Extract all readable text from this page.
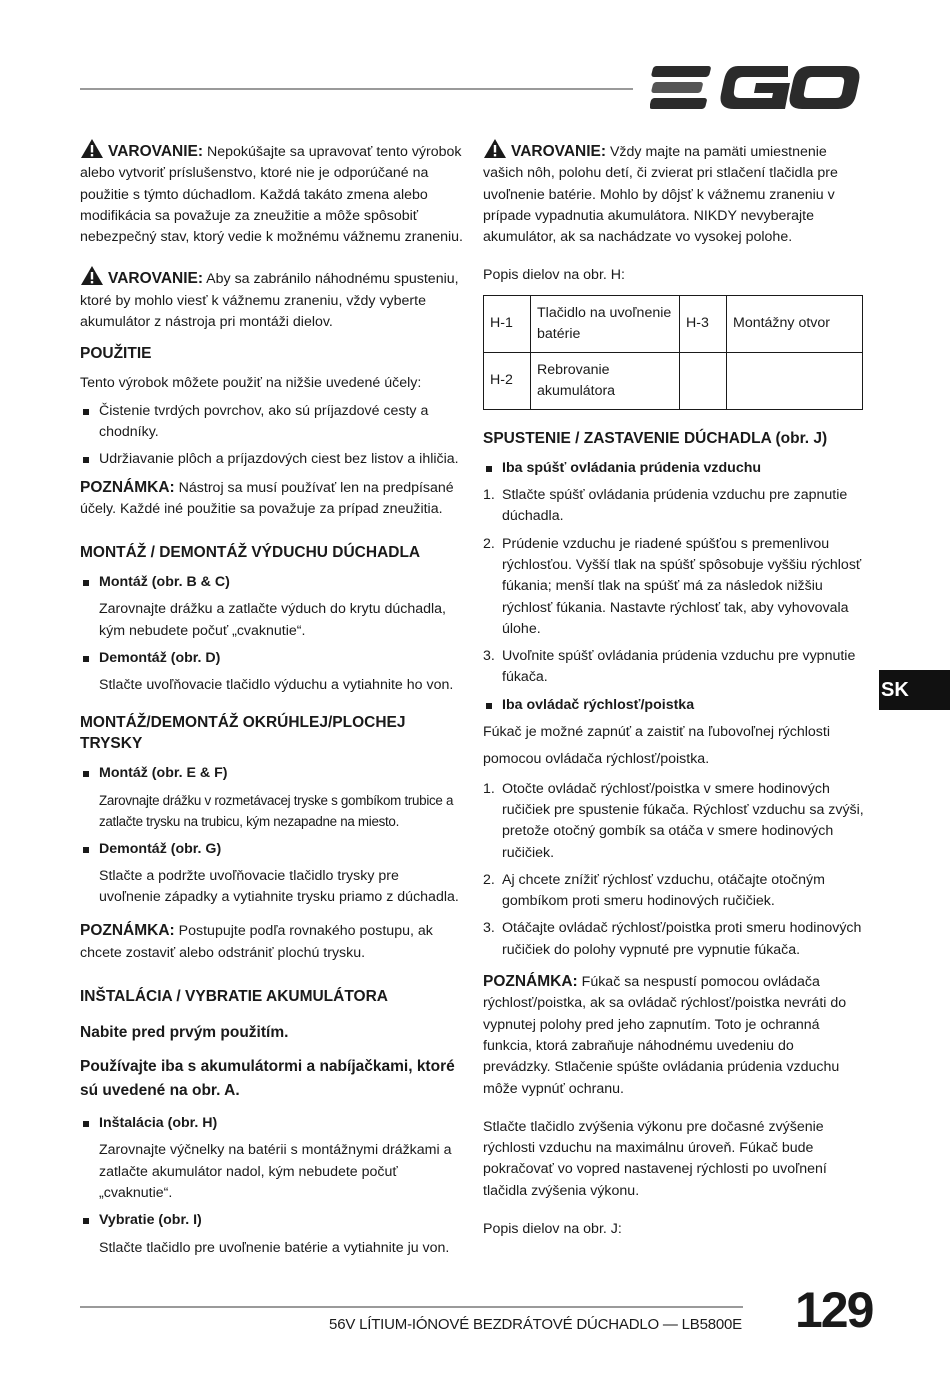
VAROVANIE: Nepokúšajte sa upravovať tento výrobok alebo vytvoriť príslušenstvo, ktoré nie je odporúčané na použitie s týmto dúchadlom. Každá takáto zmena alebo modifikácia sa považuje za zneužitie a môže spôsobiť nebezpečný stav, ktorý vedie k možnému vážnemu zraneniu.

VAROVANIE: Aby sa zabránilo náhodnému spusteniu, ktoré by mohlo viesť k vážnemu zraneniu, vždy vyberte akumulátor z nástroja pri montáži dielov.

POUŽITIE

Tento výrobok môžete použiť na nižšie uvedené účely:

Čistenie tvrdých povrchov, ako sú príjazdové cesty a chodníky.
Udržiavanie plôch a príjazdových ciest bez listov a ihličia.

POZNÁMKA: Nástroj sa musí používať len na predpísané účely. Každé iné použitie sa považuje za prípad zneužitia.

MONTÁŽ / DEMONTÁŽ VÝDUCHU DÚCHADLA
Montáž (obr. B & C)

Zarovnajte drážku a zatlačte výduch do krytu dúchadla, kým nebudete počuť „cvaknutie“.

Demontáž (obr. D)

Stlačte uvoľňovacie tlačidlo výduchu a vytiahnite ho von.

MONTÁŽ/DEMONTÁŽ OKRÚHLEJ/PLOCHEJ TRYSKY
Montáž (obr. E & F)

Zarovnajte drážku v rozmetávacej tryske s gombíkom trubice a zatlačte trysku na trubicu, kým nezapadne na miesto.

Demontáž (obr. G)

Stlačte a podržte uvoľňovacie tlačidlo trysky pre uvoľnenie západky a vytiahnite trysku priamo z dúchadla.

POZNÁMKA: Postupujte podľa rovnakého postupu, ak chcete zostaviť alebo odstrániť plochú trysku.

INŠTALÁCIA / VYBRATIE AKUMULÁTORA

Nabite pred prvým použitím.

Používajte iba s akumulátormi a nabíjačkami, ktoré sú uvedené na obr. A.

Inštalácia (obr. H)

Zarovnajte výčnelky na batérii s montážnymi drážkami a zatlačte akumulátor nadol, kým nebudete počuť „cvaknutie“.

Vybratie (obr. I)

Stlačte tlačidlo pre uvoľnenie batérie a vytiahnite ju von.

VAROVANIE: Vždy majte na pamäti umiestnenie vašich nôh, polohu detí, či zvierat pri stlačení tlačidla pre uvoľnenie batérie. Mohlo by dôjsť k vážnemu zraneniu v prípade vypadnutia akumulátora. NIKDY nevyberajte akumulátor, ak sa nachádzate vo vysokej polohe.

Popis dielov na obr. H:

H-1	Tlačidlo na uvoľnenie batérie	H-3	Montážny otvor
H-2	Rebrovanie akumulátora		
SPUSTENIE / ZASTAVENIE DÚCHADLA (obr. J)
Iba spúšť ovládania prúdenia vzduchu
1. Stlačte spúšť ovládania prúdenia vzduchu pre zapnutie dúchadla.
2. Prúdenie vzduchu je riadené spúšťou s premenlivou rýchlosťou. Vyšší tlak na spúšť spôsobuje vyššiu rýchlosť fúkania; menší tlak na spúšť má za následok nižšiu rýchlosť fúkania. Nastavte rýchlosť tak, aby vyhovovala úlohe.
3. Uvoľnite spúšť ovládania prúdenia vzduchu pre vypnutie fúkača.
Iba ovládač rýchlosť/poistka

Fúkač je možné zapnúť a zaistiť na ľubovoľnej rýchlosti

pomocou ovládača rýchlosť/poistka.

1. Otočte ovládač rýchlosť/poistka v smere hodinových ručičiek pre spustenie fúkača. Rýchlosť vzduchu sa zvýši, pretože otočný gombík sa otáča v smere hodinových ručičiek.
2. Aj chcete znížiť rýchlosť vzduchu, otáčajte otočným gombíkom proti smeru hodinových ručičiek.
3. Otáčajte ovládač rýchlosť/poistka proti smeru hodinových ručičiek do polohy vypnuté pre vypnutie fúkača.

POZNÁMKA: Fúkač sa nespustí pomocou ovládača rýchlosť/poistka, ak sa ovládač rýchlosť/poistka nevráti do vypnutej polohy pred jeho zapnutím. Toto je ochranná funkcia, ktorá zabraňuje náhodnému uvedeniu do prevádzky. Stlačenie spúšte ovládania prúdenia vzduchu môže vypnúť ochranu.

Stlačte tlačidlo zvýšenia výkonu pre dočasné zvýšenie rýchlosti vzduchu na maximálnu úroveň. Fúkač bude pokračovať vo vopred nastavenej rýchlosti po uvoľnení tlačidla zvýšenia výkonu.

Popis dielov na obr. J:

SK
56V LÍTIUM-IÓNOVÉ BEZDRÁTOVÉ DÚCHADLO — LB5800E 129
